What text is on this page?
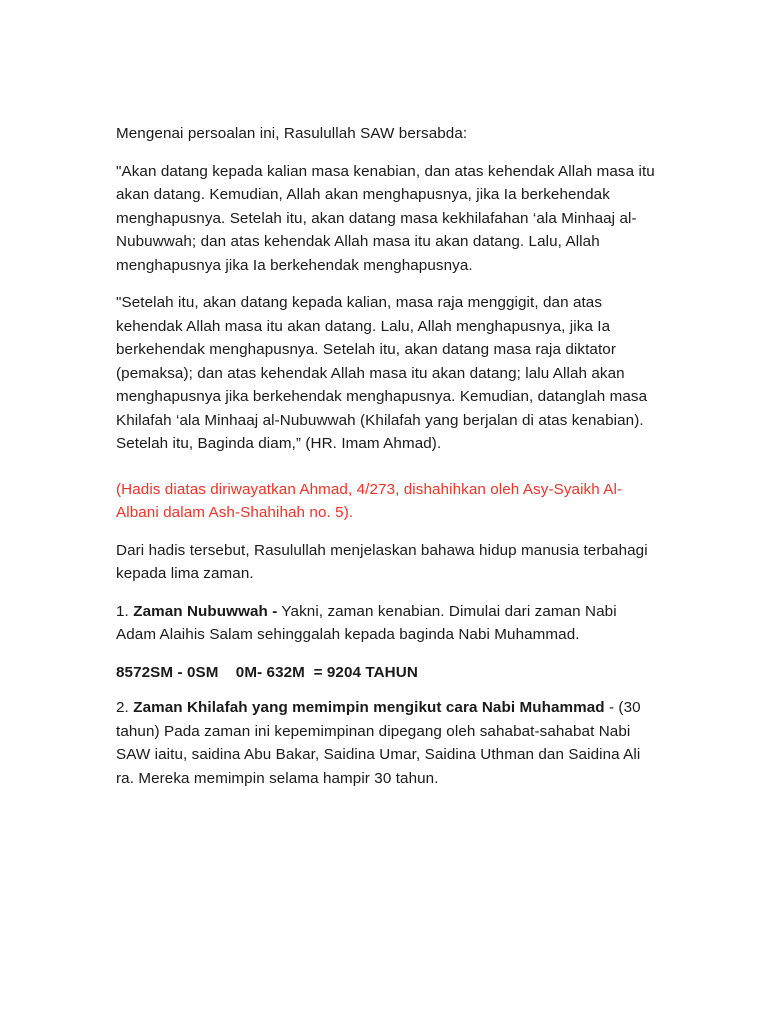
Mengenai persoalan ini, Rasulullah SAW bersabda:

"Akan datang kepada kalian masa kenabian, dan atas kehendak Allah masa itu akan datang. Kemudian, Allah akan menghapusnya, jika Ia berkehendak menghapusnya. Setelah itu, akan datang masa kekhilafahan ‘ala Minhaaj al-Nubuwwah; dan atas kehendak Allah masa itu akan datang. Lalu, Allah menghapusnya jika Ia berkehendak menghapusnya.

"Setelah itu, akan datang kepada kalian, masa raja menggigit, dan atas kehendak Allah masa itu akan datang. Lalu, Allah menghapusnya, jika Ia berkehendak menghapusnya. Setelah itu, akan datang masa raja diktator (pemaksa); dan atas kehendak Allah masa itu akan datang; lalu Allah akan menghapusnya jika berkehendak menghapusnya. Kemudian, datanglah masa Khilafah ‘ala Minhaaj al-Nubuwwah (Khilafah yang berjalan di atas kenabian). Setelah itu, Baginda diam,” (HR. Imam Ahmad).

(Hadis diatas diriwayatkan Ahmad, 4/273, dishahihkan oleh Asy-Syaikh Al-Albani dalam Ash-Shahihah no. 5).

Dari hadis tersebut, Rasulullah menjelaskan bahawa hidup manusia terbahagi kepada lima zaman.

1. Zaman Nubuwwah - Yakni, zaman kenabian. Dimulai dari zaman Nabi Adam Alaihis Salam sehinggalah kepada baginda Nabi Muhammad.

8572SM - 0SM    0M- 632M  = 9204 TAHUN

2. Zaman Khilafah yang memimpin mengikut cara Nabi Muhammad - (30 tahun) Pada zaman ini kepemimpinan dipegang oleh sahabat-sahabat Nabi SAW iaitu, saidina Abu Bakar, Saidina Umar, Saidina Uthman dan Saidina Ali ra. Mereka memimpin selama hampir 30 tahun.
